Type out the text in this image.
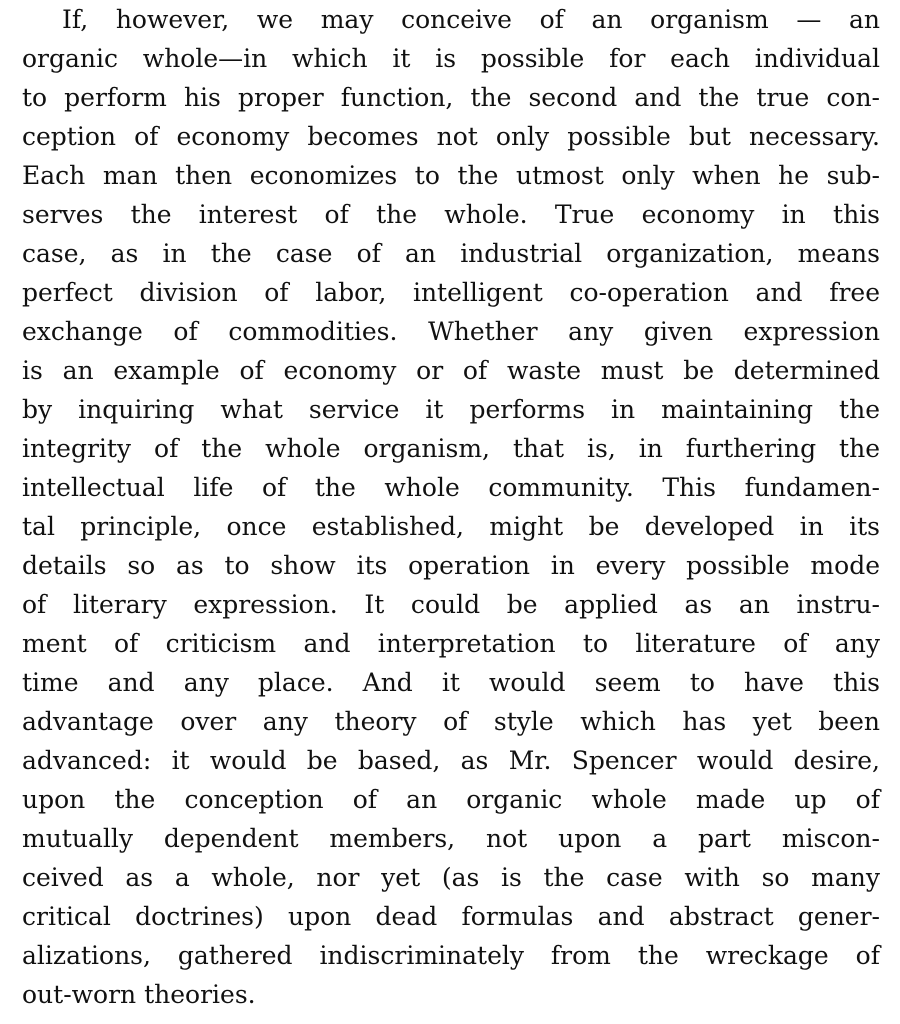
If, however, we may conceive of an organism — an
organic whole—in which it is possible for each individual
to perform his proper function, the second and the true con-
ception of economy becomes not only possible but necessary.
Each man then economizes to the utmost only when he sub-
serves the interest of the whole. True economy in this
case, as in the case of an industrial organization, means
perfect division of labor, intelligent co-operation and free
exchange of commodities. Whether any given expression
is an example of economy or of waste must be determined
by inquiring what service it performs in maintaining the
integrity of the whole organism, that is, in furthering the
intellectual life of the whole community. This fundamen-
tal principle, once established, might be developed in its
details so as to show its operation in every possible mode
of literary expression. It could be applied as an instru-
ment of criticism and interpretation to literature of any
time and any place. And it would seem to have this
advantage over any theory of style which has yet been
advanced: it would be based, as Mr. Spencer would desire,
upon the conception of an organic whole made up of
mutually dependent members, not upon a part miscon-
ceived as a whole, nor yet (as is the case with so many
critical doctrines) upon dead formulas and abstract gener-
alizations, gathered indiscriminately from the wreckage of
out-worn theories.
